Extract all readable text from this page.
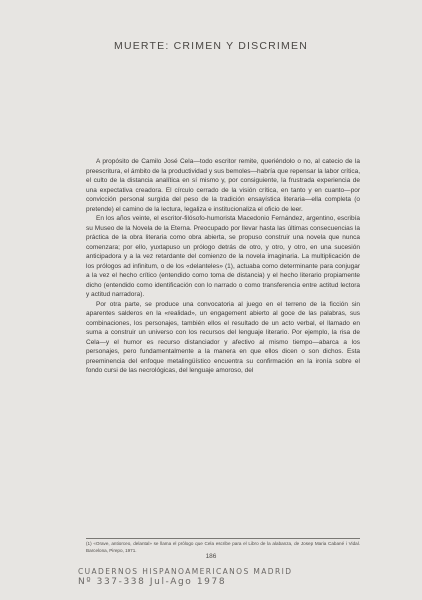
MUERTE: CRIMEN Y DISCRIMEN

A propósito de Camilo José Cela—todo escritor remite, queriéndolo o no, al catecio de la preescritura, el ámbito de la productividad y sus bemoles—habría que repensar la labor crítica, el culto de la distancia analítica en sí mismo y, por consiguiente, la frustrada experiencia de una expectativa creadora. El círculo cerrado de la visión crítica, en tanto y en cuanto—por convicción personal surgida del peso de la tradición ensayística literaria—ella completa (o pretende) el camino de la lectura, legaliza e institucionaliza el oficio de leer.

En los años veinte, el escritor-filósofo-humorista Macedonio Fernández, argentino, escribía su Museo de la Novela de la Eterna. Preocupado por llevar hasta las últimas consecuencias la práctica de la obra literaria como obra abierta, se propuso construir una novela que nunca comenzara; por ello, yuxtapuso un prólogo detrás de otro, y otro, y otro, en una sucesión anticipadora y a la vez retardante del comienzo de la novela imaginaria. La multiplicación de los prólogos ad infinitum, o de los «delanteles» (1), actuaba como determinante para conjugar a la vez el hecho crítico (entendido como toma de distancia) y el hecho literario propiamente dicho (entendido como identificación con lo narrado o como transferencia entre actitud lectora y actitud narradora).

Por otra parte, se produce una convocatoria al juego en el terreno de la ficción sin aparentes salderos en la «realidad», un engagement abierto al goce de las palabras, sus combinaciones, los personajes, también ellos el resultado de un acto verbal, el llamado en suma a construir un universo con los recursos del lenguaje literario. Por ejemplo, la risa de Cela—y el humor es recurso distanciador y afectivo al mismo tiempo—abarca a los personajes, pero fundamentalmente a la manera en que ellos dicen o son dichos. Esta preeminencia del enfoque metalingüístico encuentra su confirmación en la ironía sobre el fondo cursi de las necrológicas, del lenguaje amoroso, del

(1) «Orave, antiorceo, delantal» se llama el prólogo que Cela escribe para el Libro de la alabanza, de Josep Maria Cabané i Vidal. Barcelona, Pirepo, 1971.
186
CUADERNOS HISPANOAMERICANOS MADRID
Nº 337-338 Jul-Ago 1978
